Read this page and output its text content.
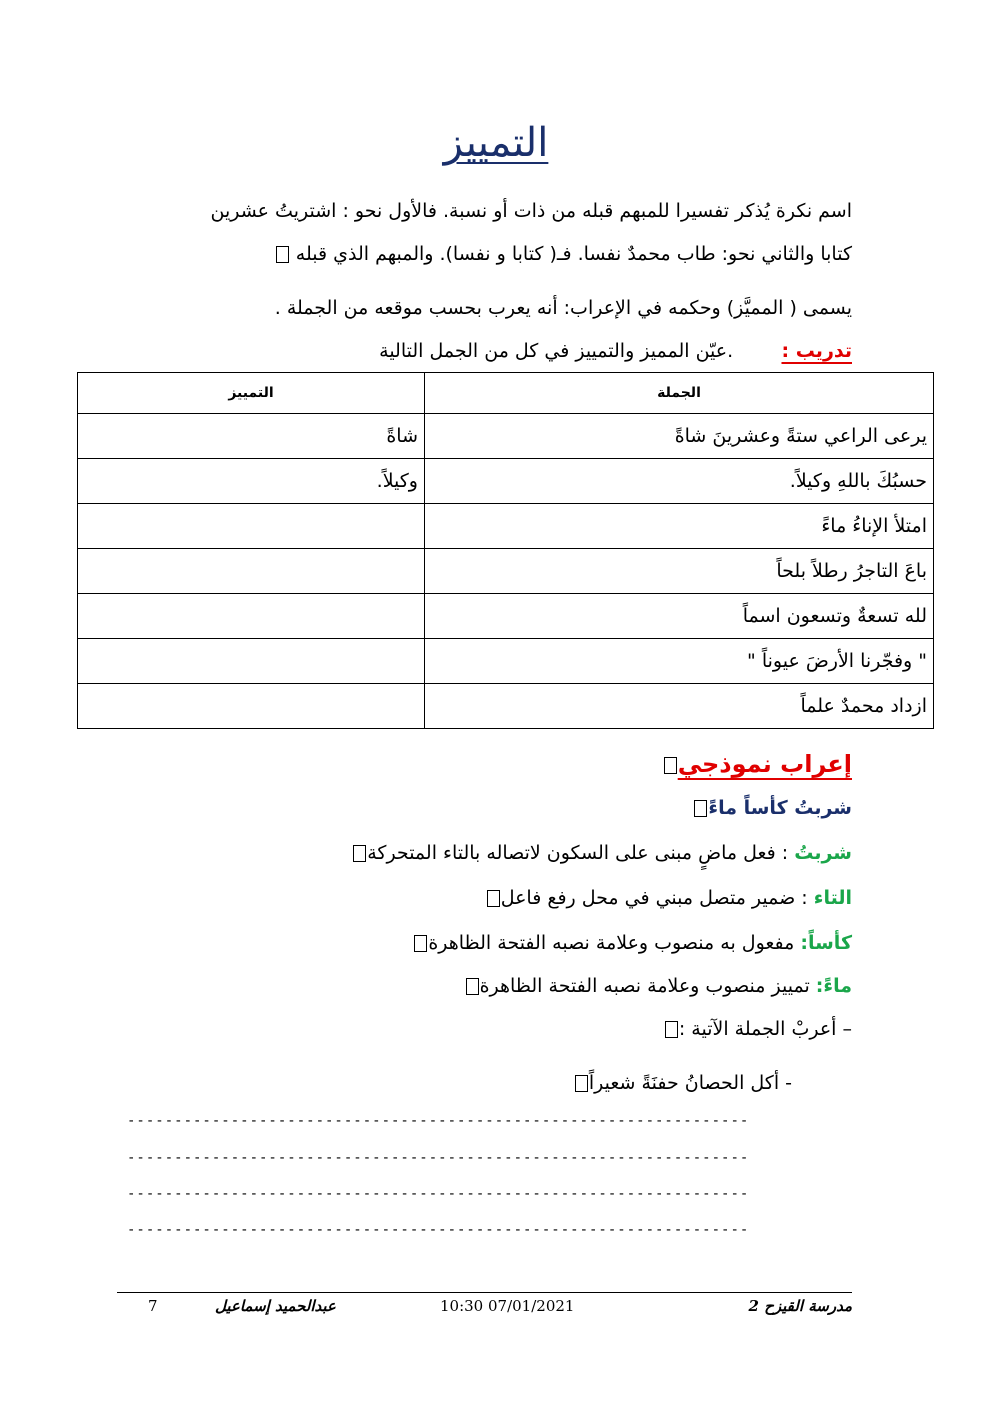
التمييز
اسم نكرة يُذكر تفسيرا للمبهم قبله من ذات أو نسبة. فالأول نحو : اشتريتُ عشرين
كتابا والثاني نحو: طاب محمدٌ نفسا. فـ( كتابا و نفسا). والمبهم الذي قبله
يسمى ( المميَّز) وحكمه في الإعراب: أنه يعرب بحسب موقعه من الجملة .
تدريب :        .عيّن المميز والتمييز في كل من الجمل التالية
الجملة	التمييز
يرعى الراعي ستةً وعشرينَ شاةً	شاةً
حسبُكَ باللهِ وكيلاً.	وكيلاً.
امتلأ الإناءُ ماءً	
باعَ التاجرُ رطلاً بلحاً	
لله تسعةٌ وتسعون اسماً	
" وفجّرنا الأرضَ عيوناً "	
ازداد محمدٌ علماً	
إعراب نموذجي
شربتُ كأساً ماءً
شربتُ : فعل ماضٍ مبنى على السكون لاتصاله بالتاء المتحركة
التاء : ضمير متصل مبني في محل رفع فاعل
كأساً: مفعول به منصوب وعلامة نصبه الفتحة الظاهرة
ماءً: تمييز منصوب وعلامة نصبه الفتحة الظاهرة
– أعربْ الجملة الآتية :
- أكل الحصانُ حفنَةً شعيراً
------------------------------------------------------------------
------------------------------------------------------------------
------------------------------------------------------------------
------------------------------------------------------------------
7	عبدالحميد إسماعيل	10:30 07/01/2021	مدرسة القيزح 2
